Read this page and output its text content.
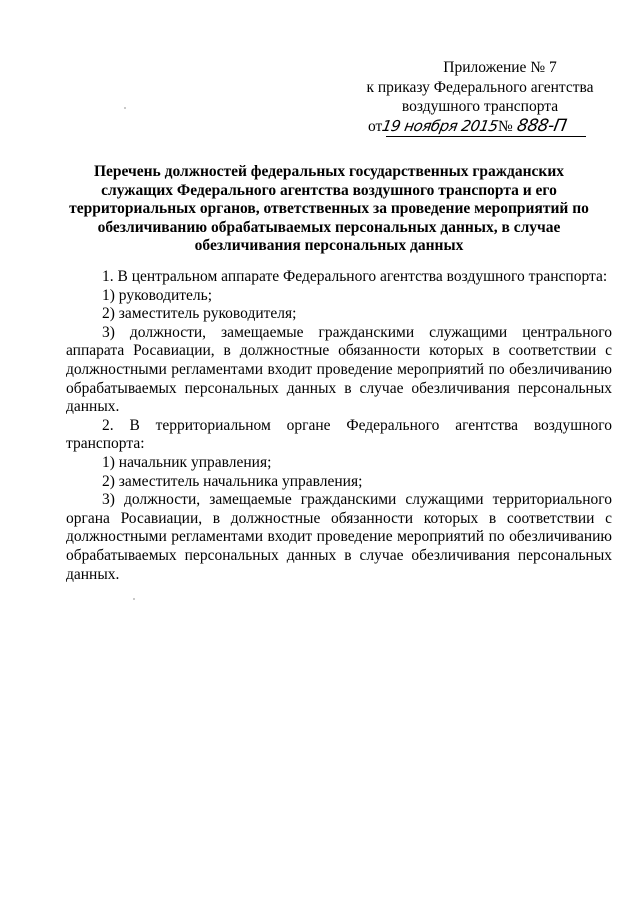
Приложение № 7
к приказу Федерального агентства
воздушного транспорта
от19 ноября 2015№ 888-П
Перечень должностей федеральных государственных гражданских служащих Федерального агентства воздушного транспорта и его территориальных органов, ответственных за проведение мероприятий по обезличиванию обрабатываемых персональных данных, в случае обезличивания персональных данных

1. В центральном аппарате Федерального агентства воздушного транспорта:

1) руководитель;

2) заместитель руководителя;

3) должности, замещаемые гражданскими служащими центрального аппарата Росавиации, в должностные обязанности которых в соответствии с должностными регламентами входит проведение мероприятий по обезличиванию обрабатываемых персональных данных в случае обезличивания персональных данных.

2. В территориальном органе Федерального агентства воздушного транспорта:

1) начальник управления;

2) заместитель начальника управления;

3) должности, замещаемые гражданскими служащими территориального органа Росавиации, в должностные обязанности которых в соответствии с должностными регламентами входит проведение мероприятий по обезличиванию обрабатываемых персональных данных в случае обезличивания персональных данных.
